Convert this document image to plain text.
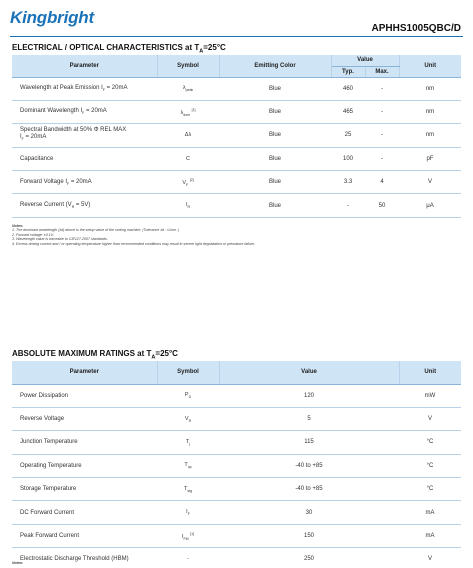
Kingbright
APHHS1005QBC/D
ELECTRICAL / OPTICAL CHARACTERISTICS at $T_A=25^\circ C$
Parameter	Symbol	Emitting Color	Value		Unit
			Typ.	Max.	
Wavelength at Peak Emission $I_F = 20mA$	$\lambda_{peak}$	Blue	460	-	nm
Dominant Wavelength $I_F = 20mA$	$\lambda_{dom}$ [1]	Blue	465	-	nm
Spectral Bandwidth at 50% Φ REL MAX
$I_F = 20mA$	Δλ	Blue	25	-	nm
Capacitance	C	Blue	100	-	pF
Forward Voltage $I_F = 20mA$	$V_F$ [2]	Blue	3.3	4	V
Reverse Current $(V_R = 5V)$	$I_R$	Blue	-	50	μA
Notes:
1. The dominant wavelength (λd) above is the setup value of the sorting machine. (Tolerance λd : ±1nm. )
2. Forward voltage: ±0.1V.
3. Wavelength value is traceable to CIE127-2007 standards.
4. Excess driving current and / or operating temperature higher than recommended conditions may result in severe light degradation or premature failure.
ABSOLUTE MAXIMUM RATINGS at $T_A=25^\circ C$
Parameter	Symbol	Value	Unit
Power Dissipation	$P_D$	120	mW
Reverse Voltage	$V_R$	5	V
Junction Temperature	$T_j$	115	°C
Operating Temperature	$T_{op}$	-40 to +85	°C
Storage Temperature	$T_{stg}$	-40 to +85	°C
DC Forward Current	$I_F$	30	mA
Peak Forward Current	$I_{FM}$ [1]	150	mA
Electrostatic Discharge Threshold (HBM)	-	250	V
Notes:
